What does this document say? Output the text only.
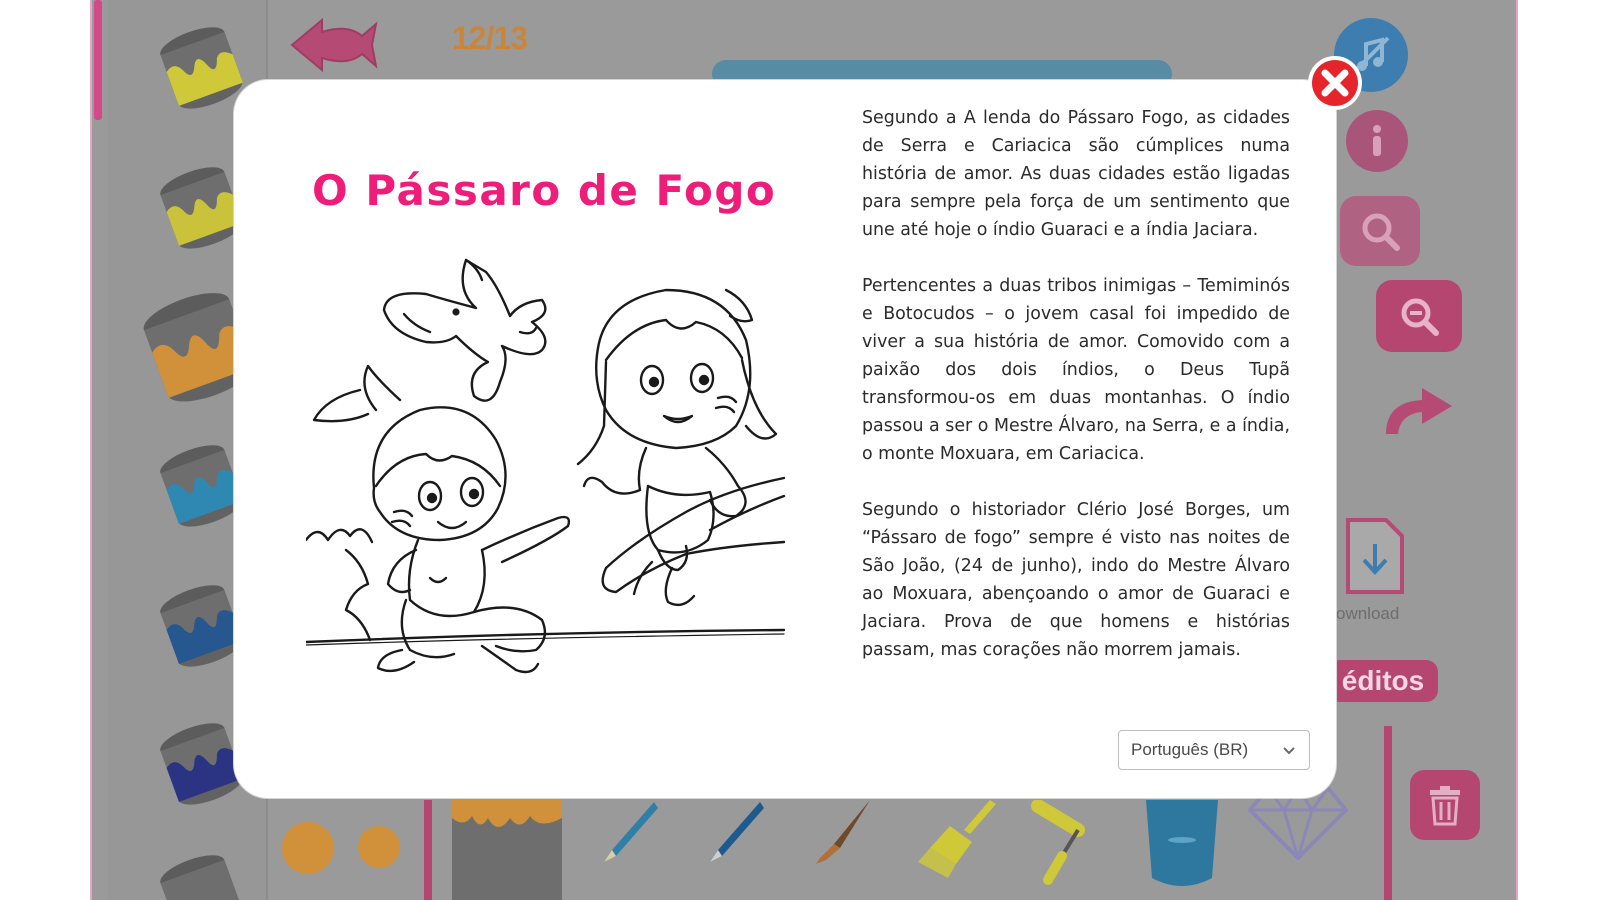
12/13
ownload
éditos
O Pássaro de Fogo

Segundo a A lenda do Pássaro Fogo, as cidades de Serra e Cariacica são cúmplices numa história de amor. As duas cidades estão ligadas para sempre pela força de um sentimento que une até hoje o índio Guaraci e a índia Jaciara.

Pertencentes a duas tribos inimigas – Temiminós e Botocudos – o jovem casal foi impedido de viver a sua história de amor. Comovido com a paixão dos dois índios, o Deus Tupã transformou-os em duas montanhas. O índio passou a ser o Mestre Álvaro, na Serra, e a índia, o monte Moxuara, em Cariacica.

Segundo o historiador Clério José Borges, um “Pássaro de fogo” sempre é visto nas noites de São João, (24 de junho), indo do Mestre Álvaro ao Moxuara, abençoando o amor de Guaraci e Jaciara. Prova de que homens e histórias passam, mas corações não morrem jamais.

Português (BR)
